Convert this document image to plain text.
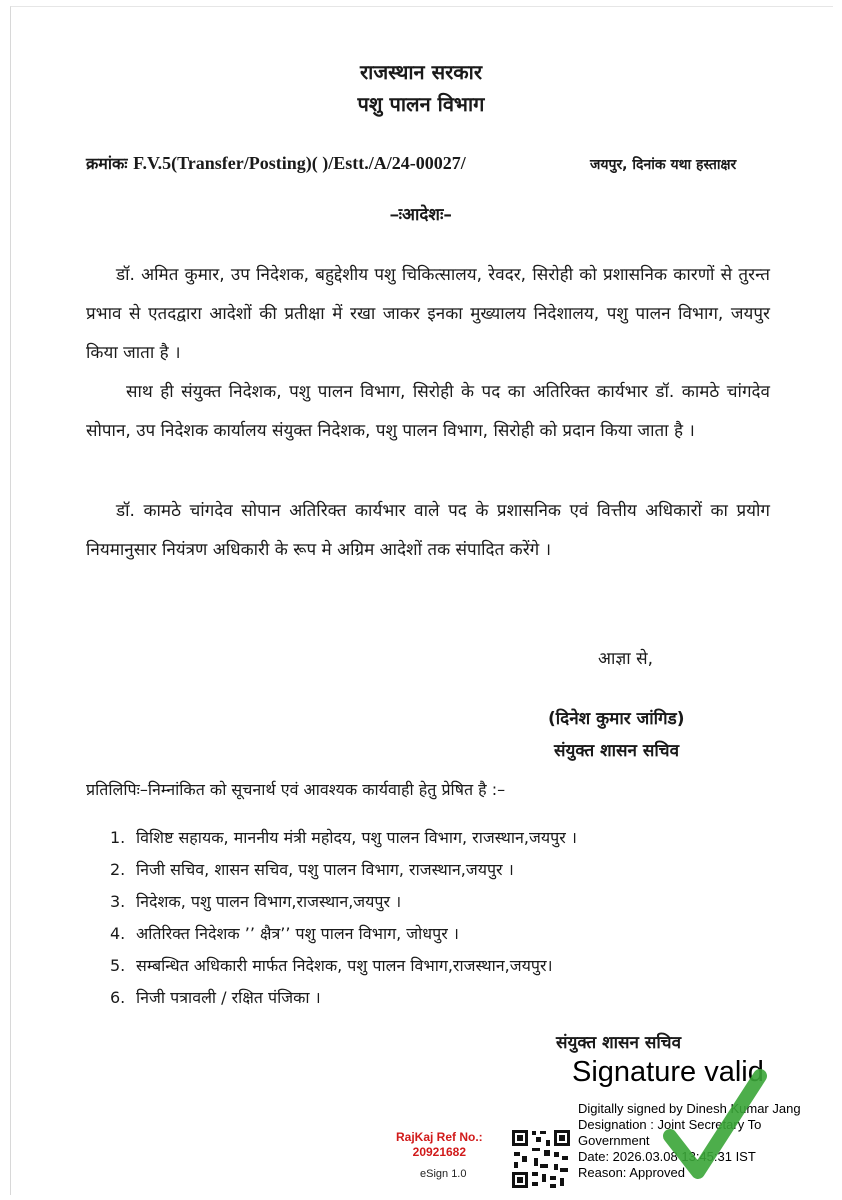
राजस्थान सरकार
पशु पालन विभाग
क्रमांकः F.V.5(Transfer/Posting)( )/Estt./A/24-00027/	जयपुर, दिनांक यथा हस्ताक्षर
–ःआदेशः–
डॉ. अमित कुमार, उप निदेशक, बहुद्देशीय पशु चिकित्सालय, रेवदर, सिरोही को प्रशासनिक कारणों से तुरन्त प्रभाव से एतदद्वारा आदेशों की प्रतीक्षा में रखा जाकर इनका मुख्यालय निदेशालय, पशु पालन विभाग, जयपुर किया जाता है ।
साथ ही संयुक्त निदेशक, पशु पालन विभाग, सिरोही के पद का अतिरिक्त कार्यभार डॉ. कामठे चांगदेव सोपान, उप निदेशक कार्यालय संयुक्त निदेशक, पशु पालन विभाग, सिरोही को प्रदान किया जाता है ।
डॉ. कामठे चांगदेव सोपान अतिरिक्त कार्यभार वाले पद के प्रशासनिक एवं वित्तीय अधिकारों का प्रयोग नियमानुसार नियंत्रण अधिकारी के रूप मे अग्रिम आदेशों तक संपादित करेंगे ।
आज्ञा से,
(दिनेश कुमार जांगिड)
संयुक्त शासन सचिव
प्रतिलिपिः–निम्नांकित को सूचनार्थ एवं आवश्यक कार्यवाही हेतु प्रेषित है :–
1. विशिष्ट सहायक, माननीय मंत्री महोदय, पशु पालन विभाग, राजस्थान,जयपुर ।
2. निजी सचिव, शासन सचिव, पशु पालन विभाग, राजस्थान,जयपुर ।
3. निदेशक, पशु पालन विभाग,राजस्थान,जयपुर ।
4. अतिरिक्त निदेशक ’’ क्षैत्र’’ पशु पालन विभाग, जोधपुर ।
5. सम्बन्धित अधिकारी मार्फत निदेशक, पशु पालन विभाग,राजस्थान,जयपुर।
6. निजी पत्रावली / रक्षित पंजिका ।
संयुक्त शासन सचिव
RajKaj Ref No.:
20921682
eSign 1.0
Signature valid
Digitally signed by Dinesh Kumar Jang
Designation : Joint Secretary To
Government
Date: 2026.03.08 13:45:31 IST
Reason: Approved
